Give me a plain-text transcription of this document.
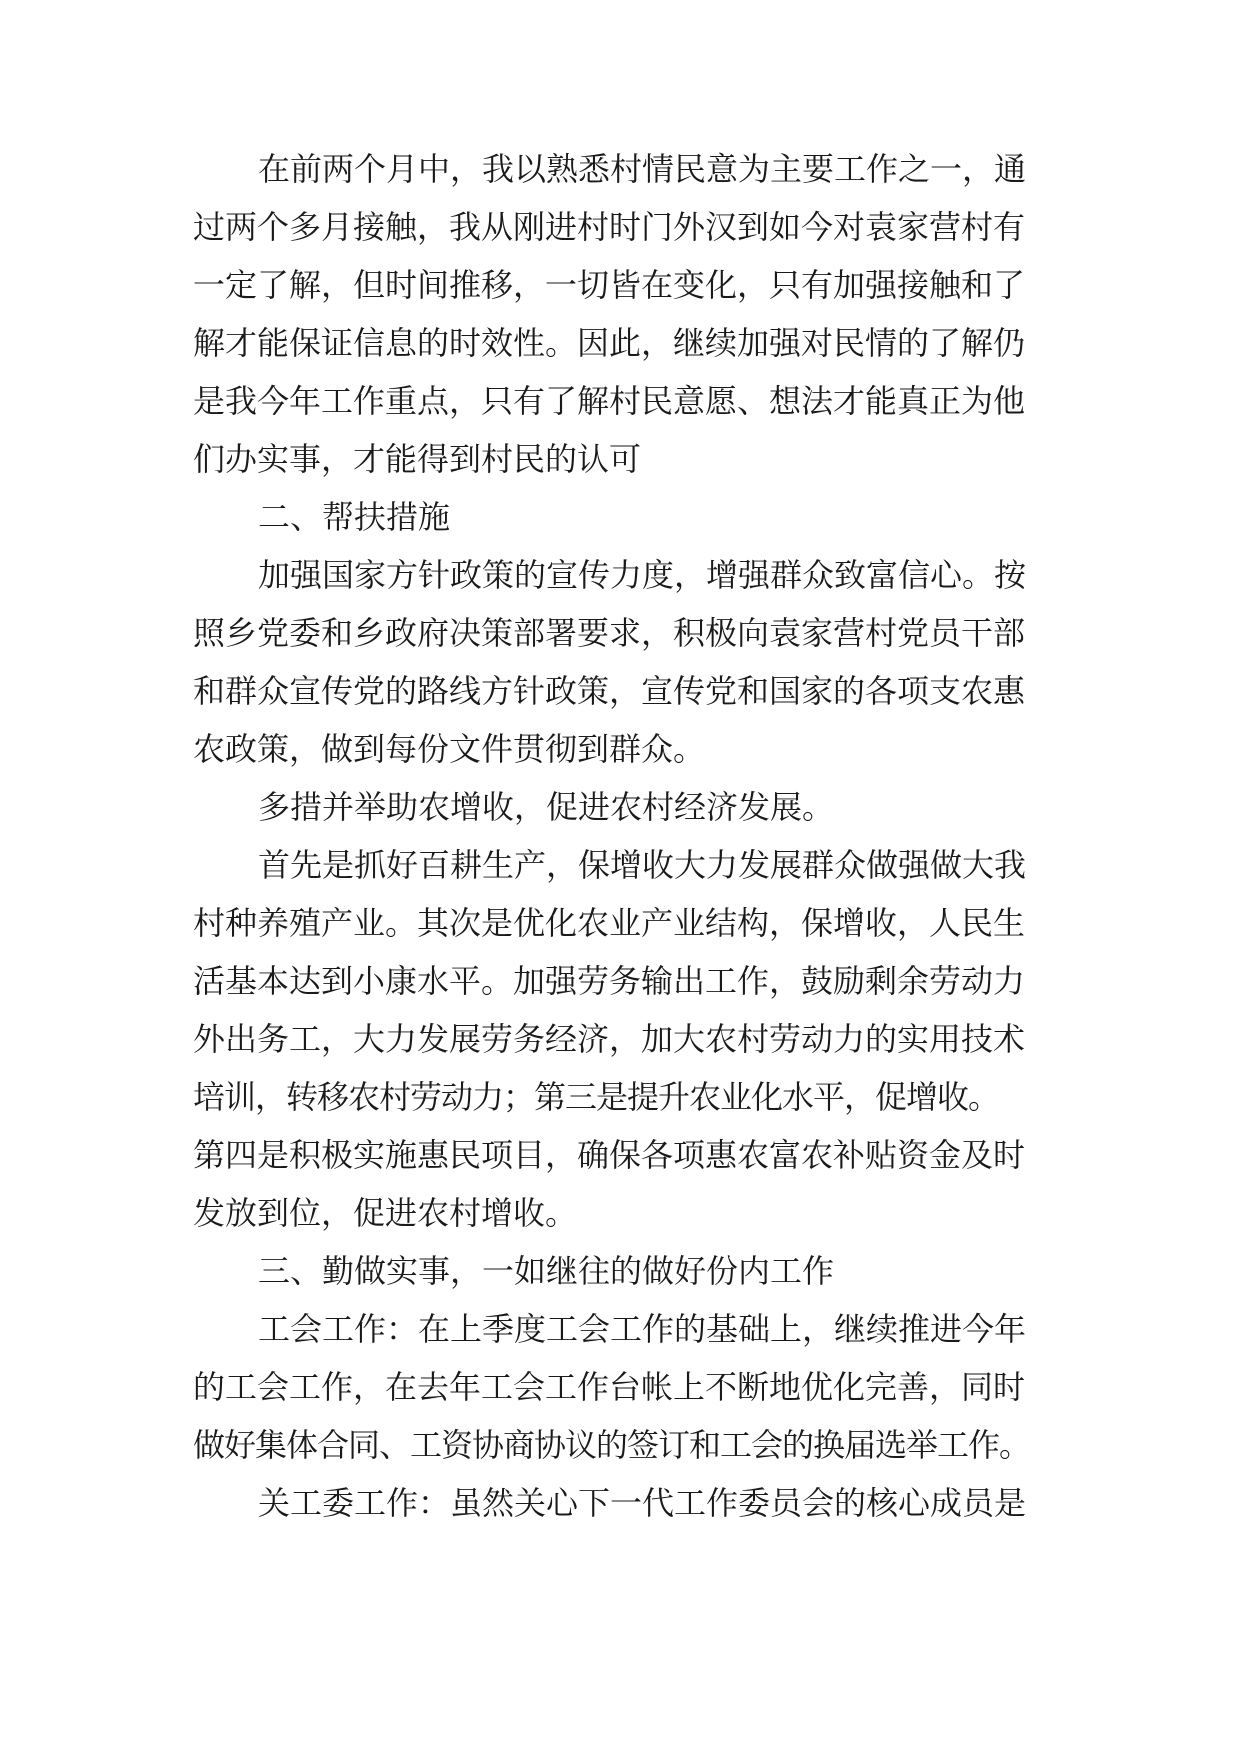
在前两个月中，我以熟悉村情民意为主要工作之一，通
过两个多月接触，我从刚进村时门外汉到如今对袁家营村有
一定了解，但时间推移，一切皆在变化，只有加强接触和了
解才能保证信息的时效性。因此，继续加强对民情的了解仍
是我今年工作重点，只有了解村民意愿、想法才能真正为他
们办实事，才能得到村民的认可
二、帮扶措施
加强国家方针政策的宣传力度，增强群众致富信心。按
照乡党委和乡政府决策部署要求，积极向袁家营村党员干部
和群众宣传党的路线方针政策，宣传党和国家的各项支农惠
农政策，做到每份文件贯彻到群众。
多措并举助农增收，促进农村经济发展。
首先是抓好百耕生产，保增收大力发展群众做强做大我
村种养殖产业。其次是优化农业产业结构，保增收，人民生
活基本达到小康水平。加强劳务输出工作，鼓励剩余劳动力
外出务工，大力发展劳务经济，加大农村劳动力的实用技术
培训，转移农村劳动力；第三是提升农业化水平，促增收。
第四是积极实施惠民项目，确保各项惠农富农补贴资金及时
发放到位，促进农村增收。
三、勤做实事，一如继往的做好份内工作
工会工作：在上季度工会工作的基础上，继续推进今年
的工会工作，在去年工会工作台帐上不断地优化完善，同时
做好集体合同、工资协商协议的签订和工会的换届选举工作。
关工委工作：虽然关心下一代工作委员会的核心成员是
